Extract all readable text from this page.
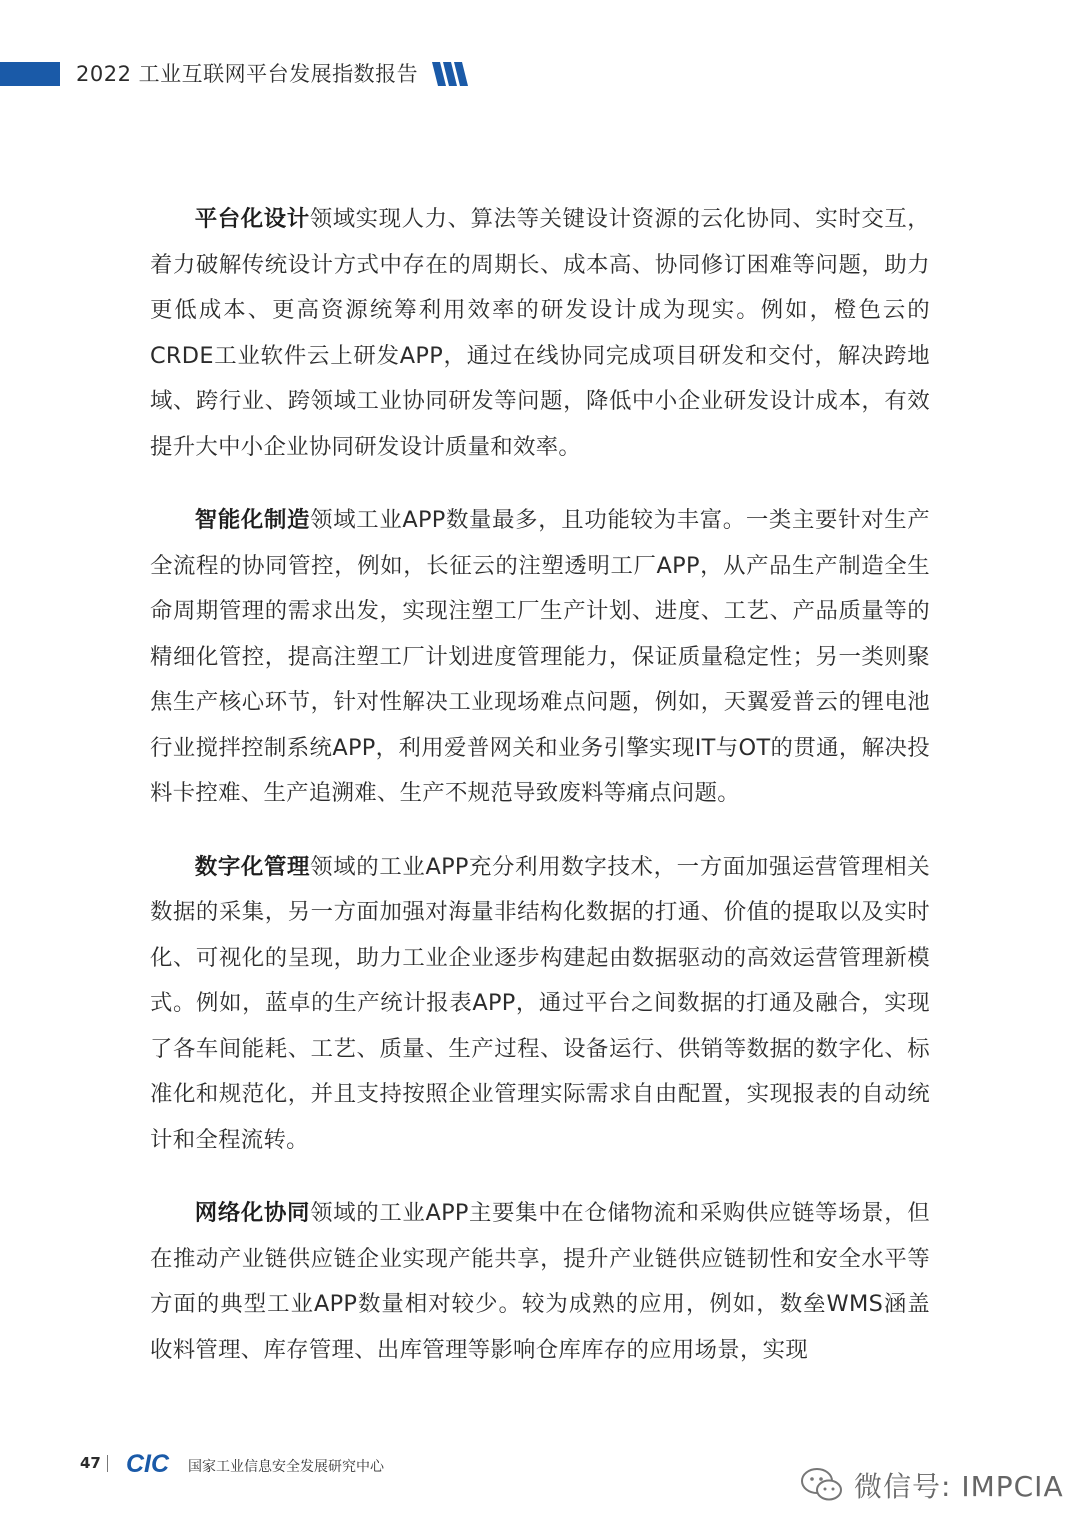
2022 工业互联网平台发展指数报告

平台化设计领域实现人力、算法等关键设计资源的云化协同、实时交互，着力破解传统设计方式中存在的周期长、成本高、协同修订困难等问题，助力更低成本、更高资源统筹利用效率的研发设计成为现实。例如，橙色云的CRDE工业软件云上研发APP，通过在线协同完成项目研发和交付，解决跨地域、跨行业、跨领域工业协同研发等问题，降低中小企业研发设计成本，有效提升大中小企业协同研发设计质量和效率。

智能化制造领域工业APP数量最多，且功能较为丰富。一类主要针对生产全流程的协同管控，例如，长征云的注塑透明工厂APP，从产品生产制造全生命周期管理的需求出发，实现注塑工厂生产计划、进度、工艺、产品质量等的精细化管控，提高注塑工厂计划进度管理能力，保证质量稳定性；另一类则聚焦生产核心环节，针对性解决工业现场难点问题，例如，天翼爱普云的锂电池行业搅拌控制系统APP，利用爱普网关和业务引擎实现IT与OT的贯通，解决投料卡控难、生产追溯难、生产不规范导致废料等痛点问题。

数字化管理领域的工业APP充分利用数字技术，一方面加强运营管理相关数据的采集，另一方面加强对海量非结构化数据的打通、价值的提取以及实时化、可视化的呈现，助力工业企业逐步构建起由数据驱动的高效运营管理新模式。例如，蓝卓的生产统计报表APP，通过平台之间数据的打通及融合，实现了各车间能耗、工艺、质量、生产过程、设备运行、供销等数据的数字化、标准化和规范化，并且支持按照企业管理实际需求自由配置，实现报表的自动统计和全程流转。

网络化协同领域的工业APP主要集中在仓储物流和采购供应链等场景，但在推动产业链供应链企业实现产能共享，提升产业链供应链韧性和安全水平等方面的典型工业APP数量相对较少。较为成熟的应用，例如，数垒WMS涵盖收料管理、库存管理、出库管理等影响仓库库存的应用场景，实现

47 CIC 国家工业信息安全发展研究中心
微信号: IMPCIA
